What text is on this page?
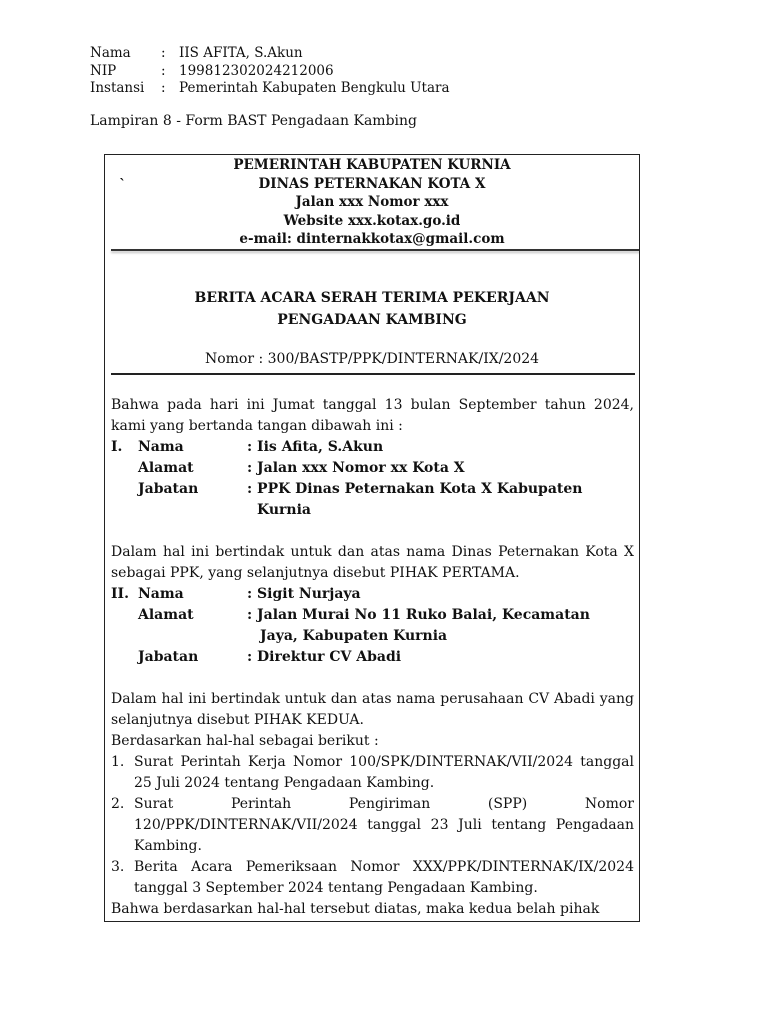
Nama	: IIS AFITA, S.Akun
NIP	: 199812302024212006
Instansi	: Pemerintah Kabupaten Bengkulu Utara
Lampiran 8 - Form BAST Pengadaan Kambing
PEMERINTAH KABUPATEN KURNIA
DINAS PETERNAKAN KOTA X
Jalan xxx Nomor xxx
Website xxx.kotax.go.id
e-mail: dinternakkotax@gmail.com
`
BERITA ACARA SERAH TERIMA PEKERJAAN
PENGADAAN KAMBING
Nomor : 300/BASTP/PPK/DINTERNAK/IX/2024
Bahwa pada hari ini Jumat tanggal 13 bulan September tahun 2024, kami yang bertanda tangan dibawah ini :
I.	Nama	: Iis Afita, S.Akun
Alamat	: Jalan xxx Nomor xx Kota X
Jabatan	: PPK Dinas Peternakan Kota X Kabupaten
Kurnia
Dalam hal ini bertindak untuk dan atas nama Dinas Peternakan Kota X sebagai PPK, yang selanjutnya disebut PIHAK PERTAMA.
II. Nama	: Sigit Nurjaya
Alamat	: Jalan Murai No 11 Ruko Balai, Kecamatan
Jaya, Kabupaten Kurnia
Jabatan	: Direktur CV Abadi
Dalam hal ini bertindak untuk dan atas nama perusahaan CV Abadi yang selanjutnya disebut PIHAK KEDUA.
Berdasarkan hal-hal sebagai berikut :
1. Surat Perintah Kerja Nomor 100/SPK/DINTERNAK/VII/2024 tanggal 25 Juli 2024 tentang Pengadaan Kambing.
2. Surat Perintah Pengiriman (SPP) Nomor 120/PPK/DINTERNAK/VII/2024 tanggal 23 Juli tentang Pengadaan Kambing.
3. Berita Acara Pemeriksaan Nomor XXX/PPK/DINTERNAK/IX/2024 tanggal 3 September 2024 tentang Pengadaan Kambing.
Bahwa berdasarkan hal-hal tersebut diatas, maka kedua belah pihak
